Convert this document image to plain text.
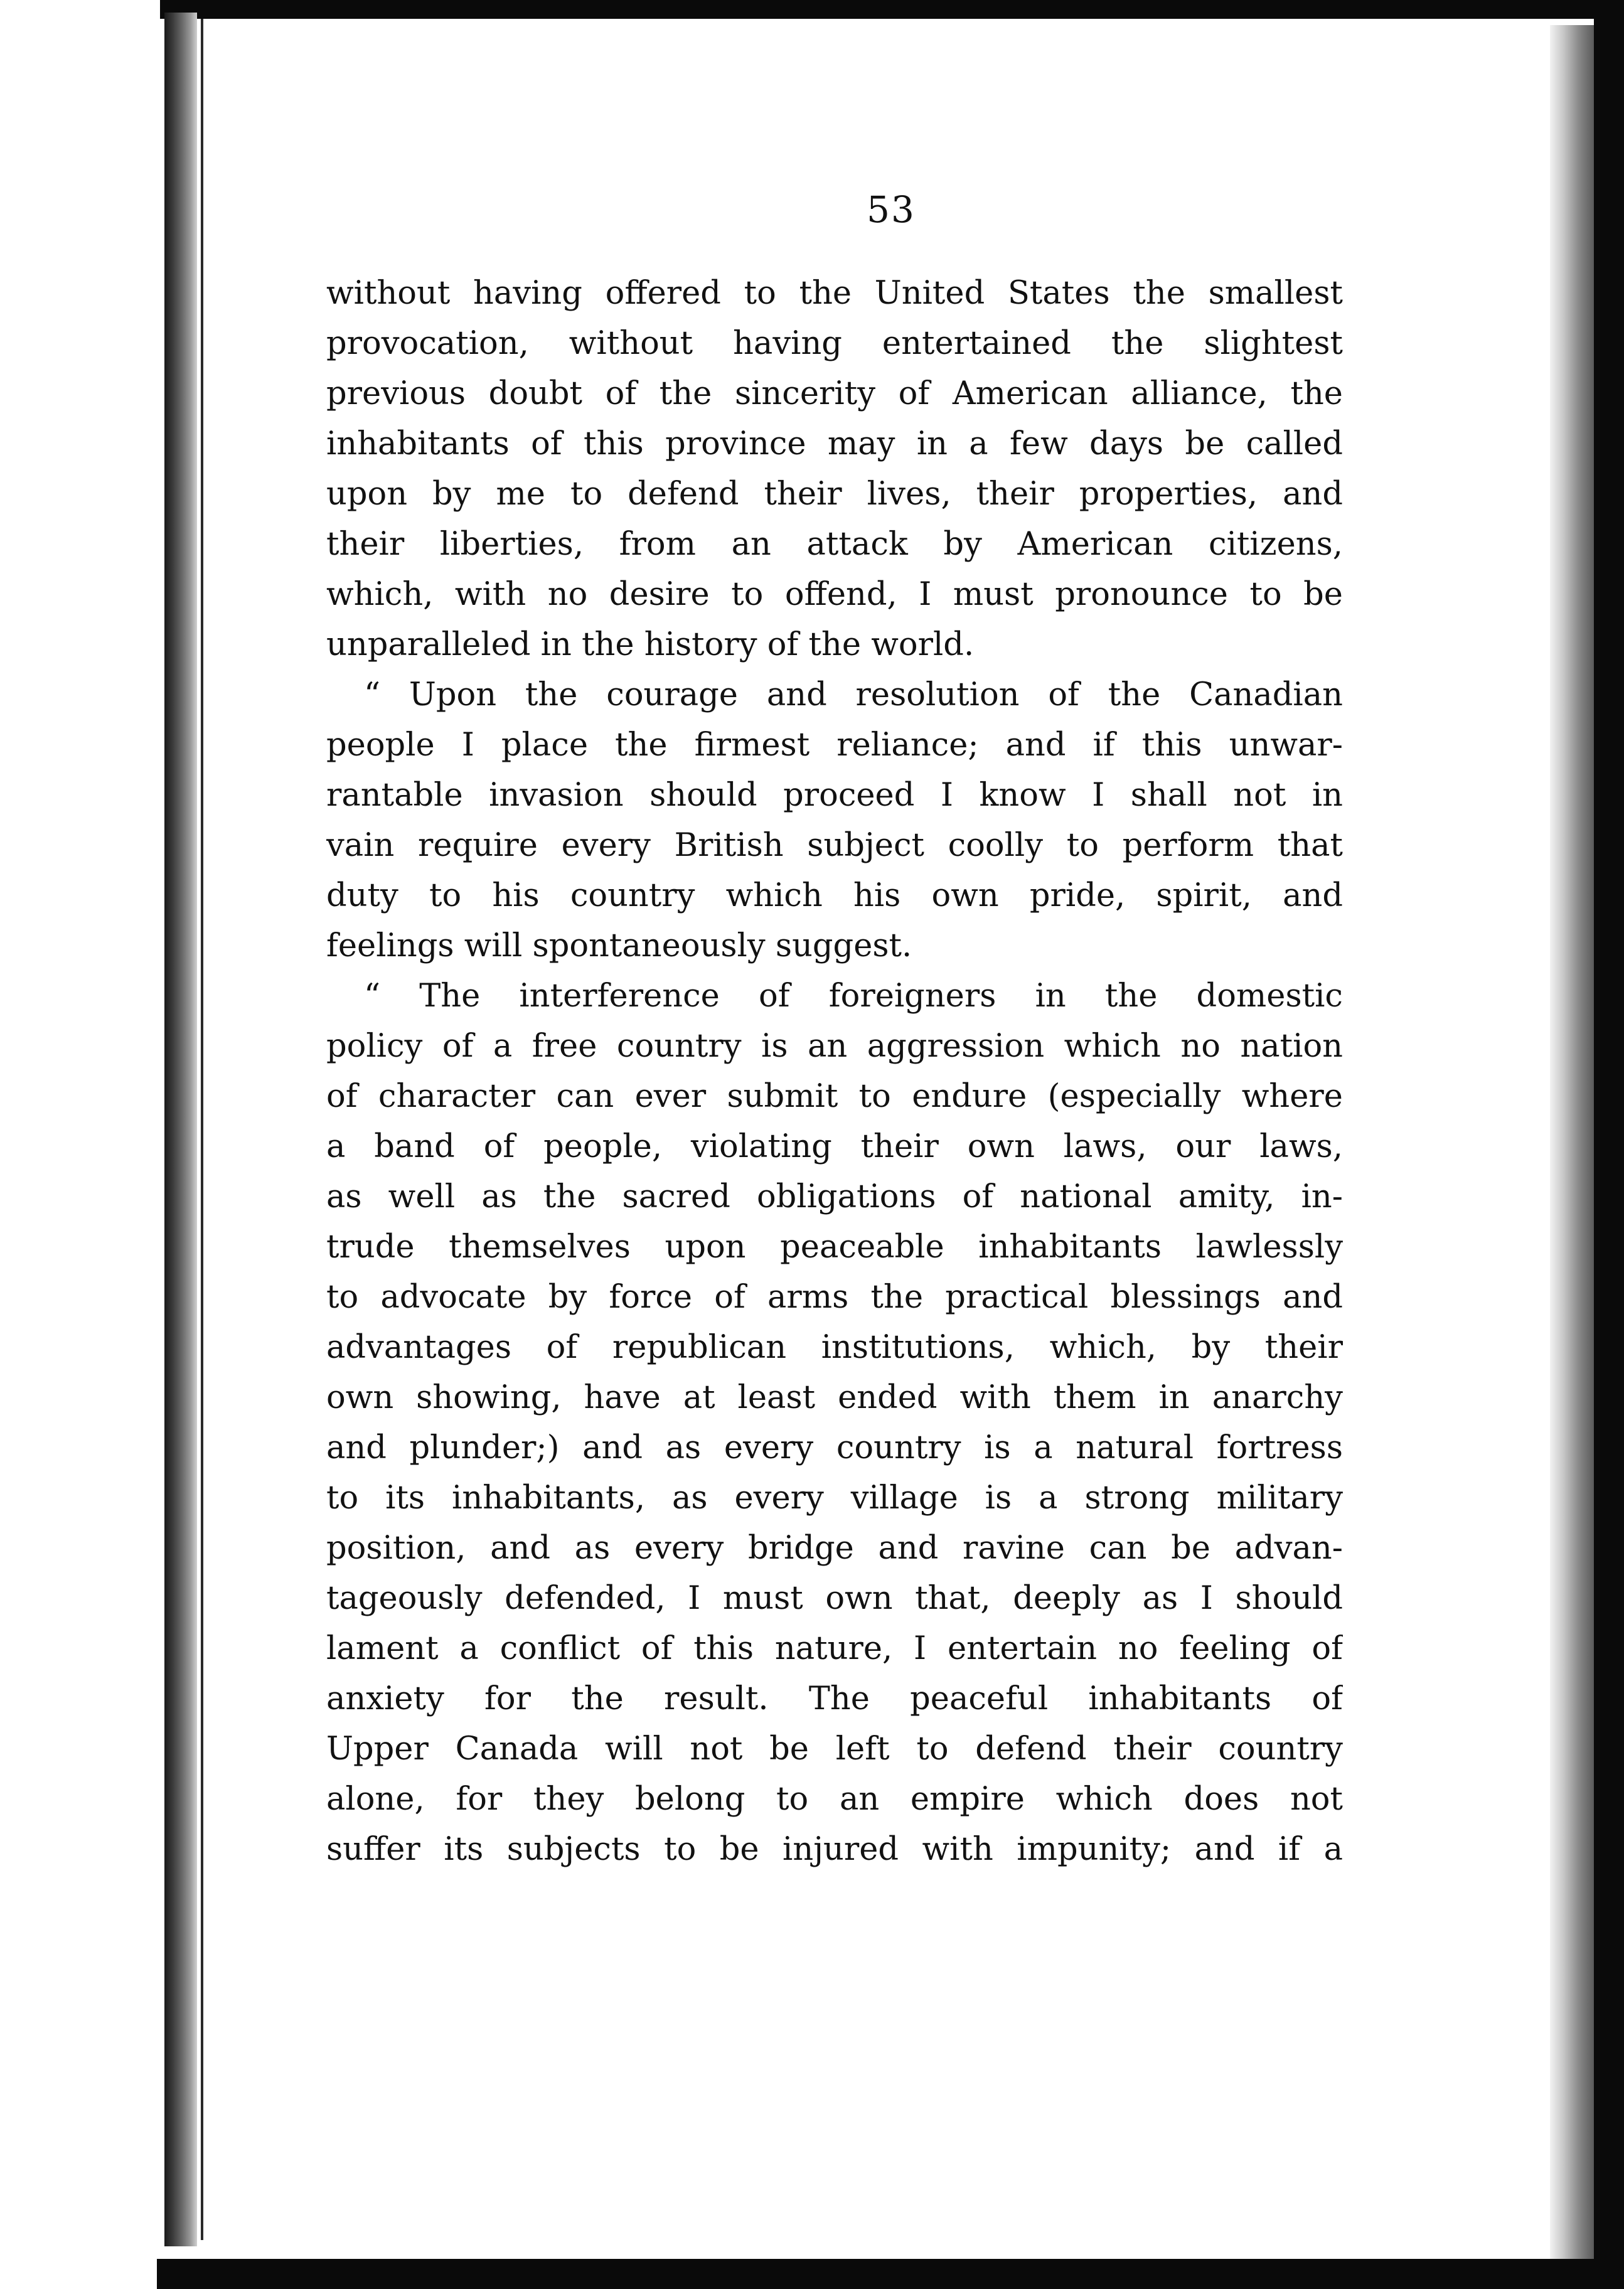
53
without having offered to the United States the smallest
provocation, without having entertained the slightest
previous doubt of the sincerity of American alliance, the
inhabitants of this province may in a few days be called
upon by me to defend their lives, their properties, and
their liberties, from an attack by American citizens,
which, with no desire to offend, I must pronounce to be
unparalleled in the history of the world.
“ Upon the courage and resolution of the Canadian
people I place the firmest reliance; and if this unwar-
rantable invasion should proceed I know I shall not in
vain require every British subject coolly to perform that
duty to his country which his own pride, spirit, and
feelings will spontaneously suggest.
“ The interference of foreigners in the domestic
policy of a free country is an aggression which no nation
of character can ever submit to endure (especially where
a band of people, violating their own laws, our laws,
as well as the sacred obligations of national amity, in-
trude themselves upon peaceable inhabitants lawlessly
to advocate by force of arms the practical blessings and
advantages of republican institutions, which, by their
own showing, have at least ended with them in anarchy
and plunder;) and as every country is a natural fortress
to its inhabitants, as every village is a strong military
position, and as every bridge and ravine can be advan-
tageously defended, I must own that, deeply as I should
lament a conflict of this nature, I entertain no feeling of
anxiety for the result. The peaceful inhabitants of
Upper Canada will not be left to defend their country
alone, for they belong to an empire which does not
suffer its subjects to be injured with impunity; and if a
